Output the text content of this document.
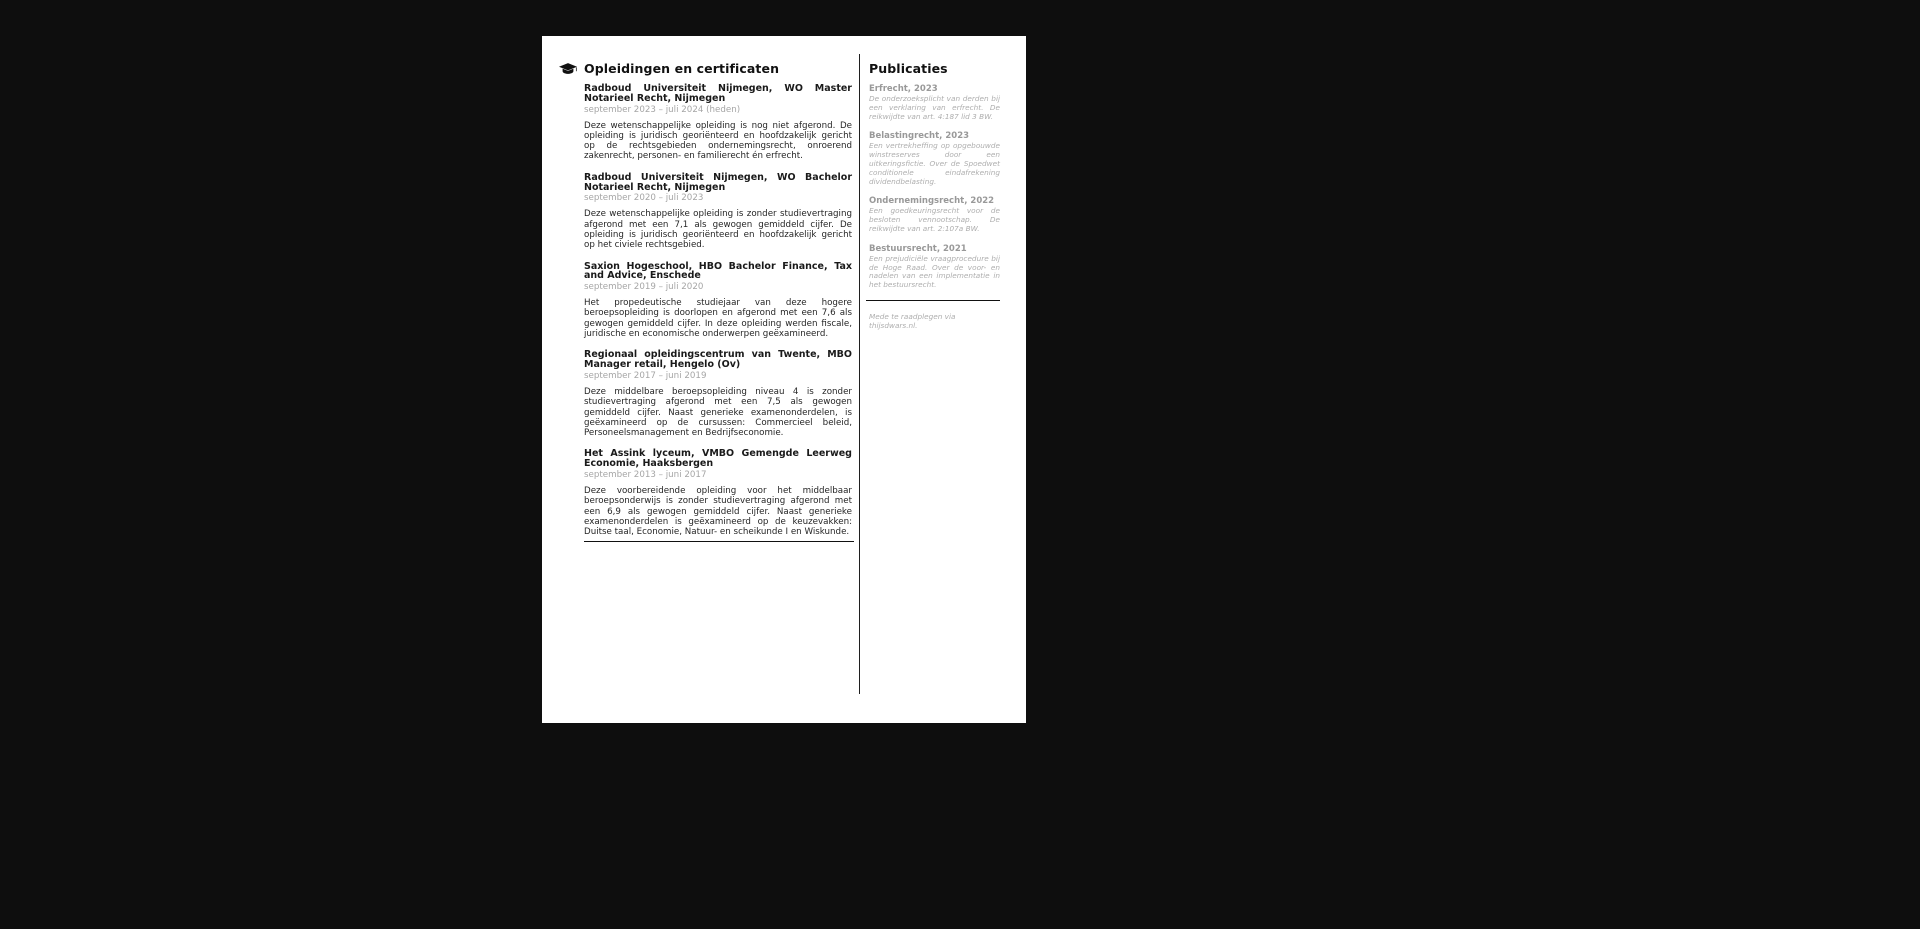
Opleidingen en certificaten
Radboud Universiteit Nijmegen, WO Master Notarieel Recht, Nijmegen
september 2023 – juli 2024 (heden)
Deze wetenschappelijke opleiding is nog niet afgerond. De opleiding is juridisch georiënteerd en hoofdzakelijk gericht op de rechtsgebieden ondernemingsrecht, onroerend zakenrecht, personen- en familierecht én erfrecht.
Radboud Universiteit Nijmegen, WO Bachelor Notarieel Recht, Nijmegen
september 2020 – juli 2023
Deze wetenschappelijke opleiding is zonder studievertraging afgerond met een 7,1 als gewogen gemiddeld cijfer. De opleiding is juridisch georiënteerd en hoofdzakelijk gericht op het civiele rechtsgebied.
Saxion Hogeschool, HBO Bachelor Finance, Tax and Advice, Enschede
september 2019 – juli 2020
Het propedeutische studiejaar van deze hogere beroepsopleiding is doorlopen en afgerond met een 7,6 als gewogen gemiddeld cijfer. In deze opleiding werden fiscale, juridische en economische onderwerpen geëxamineerd.
Regionaal opleidingscentrum van Twente, MBO Manager retail, Hengelo (Ov)
september 2017 – juni 2019
Deze middelbare beroepsopleiding niveau 4 is zonder studievertraging afgerond met een 7,5 als gewogen gemiddeld cijfer. Naast generieke examenonderdelen, is geëxamineerd op de cursussen: Commercieel beleid, Personeelsmanagement en Bedrijfseconomie.
Het Assink lyceum, VMBO Gemengde Leerweg Economie, Haaksbergen
september 2013 – juni 2017
Deze voorbereidende opleiding voor het middelbaar beroepsonderwijs is zonder studievertraging afgerond met een 6,9 als gewogen gemiddeld cijfer. Naast generieke examenonderdelen is geëxamineerd op de keuzevakken: Duitse taal, Economie, Natuur- en scheikunde I en Wiskunde.
Publicaties
Erfrecht, 2023
De onderzoeksplicht van derden bij een verklaring van erfrecht. De reikwijdte van art. 4:187 lid 3 BW.
Belastingrecht, 2023
Een vertrekheffing op opgebouwde winstreserves door een uitkeringsfictie. Over de Spoedwet conditionele eindafrekening dividendbelasting.
Ondernemingsrecht, 2022
Een goedkeuringsrecht voor de besloten vennootschap. De reikwijdte van art. 2:107a BW.
Bestuursrecht, 2021
Een prejudiciële vraagprocedure bij de Hoge Raad. Over de voor- en nadelen van een implementatie in het bestuursrecht.
Mede te raadplegen via thijsdwars.nl.
